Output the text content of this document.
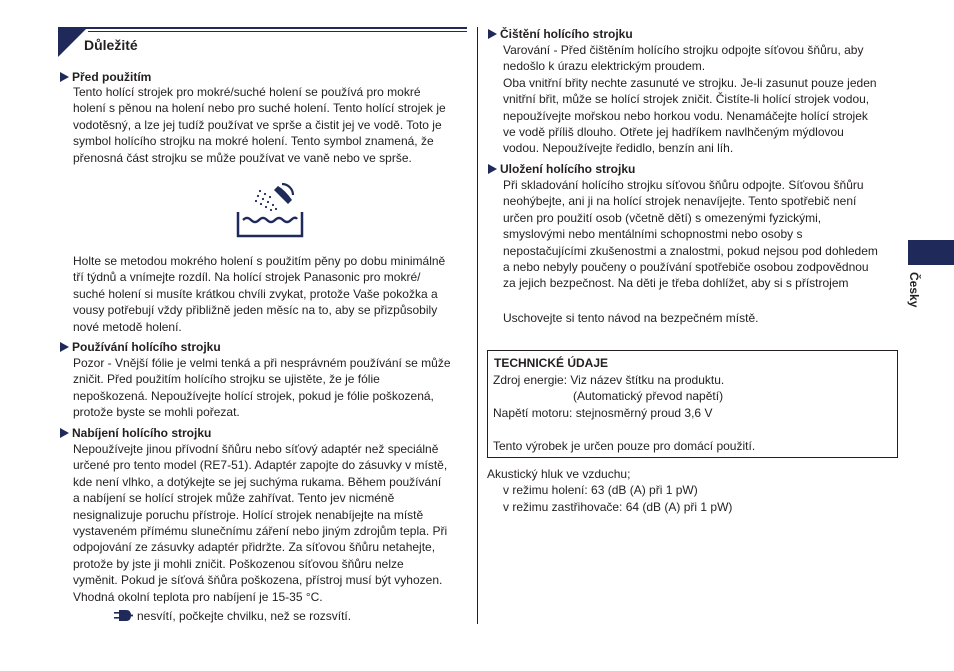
Důležité
Před použitím
Tento holící strojek pro mokré/suché holení se používá pro mokré
holení s pěnou na holení nebo pro suché holení. Tento holící strojek je
vodotěsný, a lze jej tudíž používat ve sprše a čistit jej ve vodě. Toto je
symbol holícího strojku na mokré holení. Tento symbol znamená, že
přenosná část strojku se může používat ve vaně nebo ve sprše.
Holte se metodou mokrého holení s použitím pěny po dobu minimálně
tří týdnů a vnímejte rozdíl. Na holící strojek Panasonic pro mokré/
suché holení si musíte krátkou chvíli zvykat, protože Vaše pokožka a
vousy potřebují vždy přibližně jeden měsíc na to, aby se přizpůsobily
nové metodě holení.
Používání holícího strojku
Pozor - Vnější fólie je velmi tenká a při nesprávném používání se může
zničit. Před použitím holícího strojku se ujistěte, že je fólie
nepoškozená. Nepoužívejte holící strojek, pokud je fólie poškozená,
protože byste se mohli pořezat.
Nabíjení holícího strojku
Nepoužívejte jinou přívodní šňůru nebo síťový adaptér než speciálně
určené pro tento model (RE7-51). Adaptér zapojte do zásuvky v místě,
kde není vlhko, a dotýkejte se jej suchýma rukama. Během používání
a nabíjení se holící strojek může zahřívat. Tento jev nicméně
nesignalizuje poruchu přístroje. Holící strojek nenabíjejte na místě
vystaveném přímému slunečnímu záření nebo jiným zdrojům tepla. Při
odpojování ze zásuvky adaptér přidržte. Za síťovou šňůru netahejte,
protože by jste ji mohli zničit. Poškozenou síťovou šňůru nelze
vyměnit. Pokud je síťová šňůra poškozena, přístroj musí být vyhozen.
Vhodná okolní teplota pro nabíjení je 15-35 °C.
nesvítí, počkejte chvilku, než se rozsvítí.
Čištění holícího strojku
Varování - Před čištěním holícího strojku odpojte síťovou šňůru, aby
nedošlo k úrazu elektrickým proudem.
Oba vnitřní břity nechte zasunuté ve strojku. Je-li zasunut pouze jeden
vnitřní břit, může se holící strojek zničit. Čistíte-li holící strojek vodou,
nepoužívejte mořskou nebo horkou vodu. Nenamáčejte holící strojek
ve vodě příliš dlouho. Otřete jej hadříkem navlhčeným mýdlovou
vodou. Nepoužívejte ředidlo, benzín ani líh.
Uložení holícího strojku
Při skladování holícího strojku síťovou šňůru odpojte. Síťovou šňůru
neohýbejte, ani ji na holící strojek nenavíjejte. Tento spotřebič není
určen pro použití osob (včetně dětí) s omezenými fyzickými,
smyslovými nebo mentálními schopnostmi nebo osoby s
nepostačujícími zkušenostmi a znalostmi, pokud nejsou pod dohledem
a nebo nebyly poučeny o používání spotřebiče osobou zodpovědnou
za jejich bezpečnost. Na děti je třeba dohlížet, aby si s přístrojem
Uschovejte si tento návod na bezpečném místě.
TECHNICKÉ ÚDAJE
Zdroj energie: Viz název štítku na produktu.
(Automatický převod napětí)
Napětí motoru: stejnosměrný proud 3,6 V
Tento výrobek je určen pouze pro domácí použití.
Akustický hluk ve vzduchu;
v režimu holení: 63 (dB (A) při 1 pW)
v režimu zastřihovače: 64 (dB (A) při 1 pW)
Česky
